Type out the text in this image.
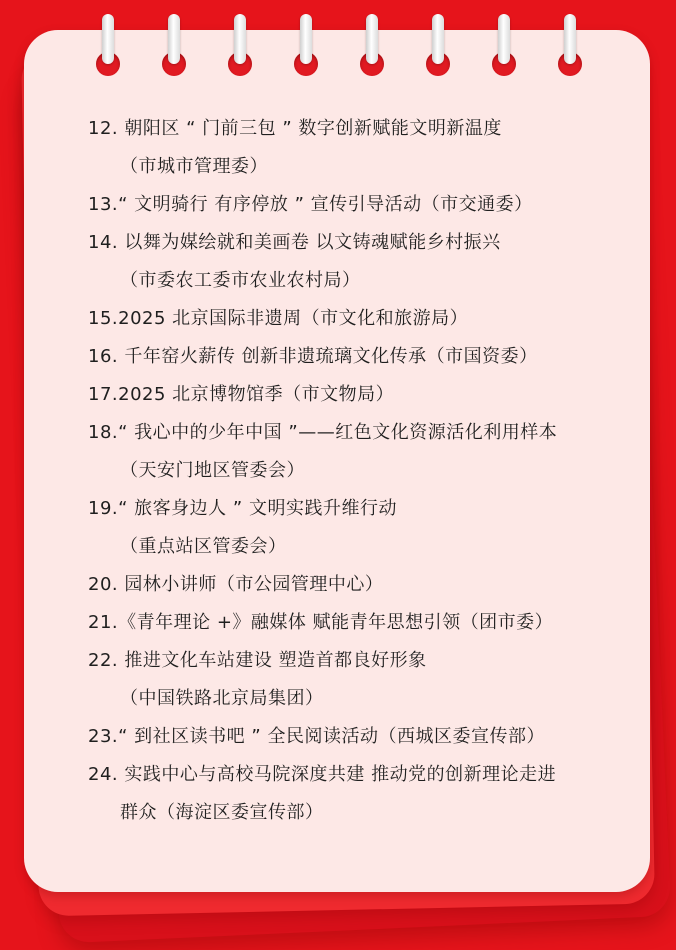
12. 朝阳区 “ 门前三包 ” 数字创新赋能文明新温度
（市城市管理委）
13.“ 文明骑行 有序停放 ” 宣传引导活动（市交通委）
14. 以舞为媒绘就和美画卷 以文铸魂赋能乡村振兴
（市委农工委市农业农村局）
15.2025 北京国际非遗周（市文化和旅游局）
16. 千年窑火薪传 创新非遗琉璃文化传承（市国资委）
17.2025 北京博物馆季（市文物局）
18.“ 我心中的少年中国 ”——红色文化资源活化利用样本
（天安门地区管委会）
19.“ 旅客身边人 ” 文明实践升维行动
（重点站区管委会）
20. 园林小讲师（市公园管理中心）
21.《青年理论 +》融媒体 赋能青年思想引领（团市委）
22. 推进文化车站建设 塑造首都良好形象
（中国铁路北京局集团）
23.“ 到社区读书吧 ” 全民阅读活动（西城区委宣传部）
24. 实践中心与高校马院深度共建 推动党的创新理论走进
群众（海淀区委宣传部）
